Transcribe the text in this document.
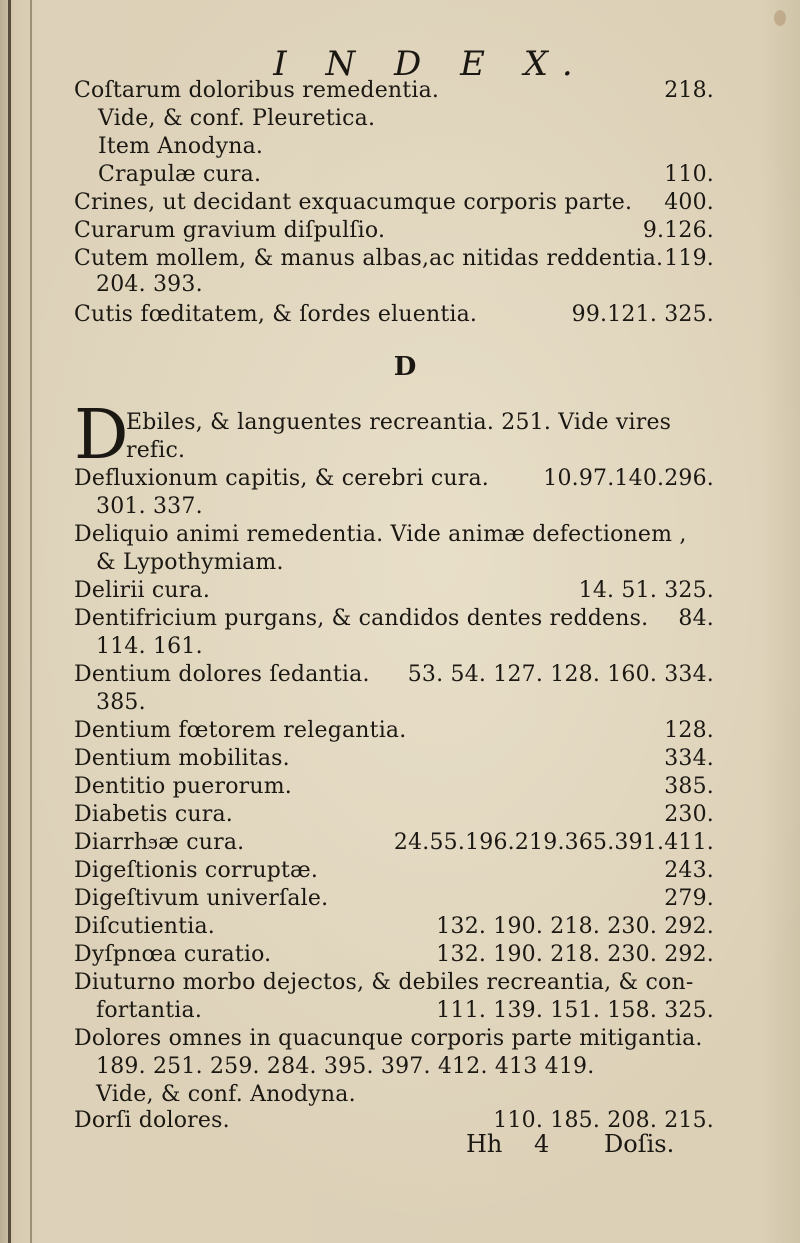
I N D E X.
Coſtarum doloribus remedentia.	218.
Vide, & conf. Pleuretica.
Item Anodyna.
Crapulæ cura.	110.
Crines, ut decidant exquacumque corporis parte. 400.
Curarum gravium diſpulſio.	9.126.
Cutem mollem, & manus albas,ac nitidas reddentia. 119.
204. 393.
Cutis fœditatem, & ſordes eluentia.	99.121. 325.
D
D
Ebiles, & languentes recreantia. 251. Vide vires
refic.
Defluxionum capitis, & cerebri cura. 10.97.140.296.
301. 337.
Deliquio animi remedentia. Vide animæ defectionem ,
& Lypothymiam.
Delirii cura.	14. 51. 325.
Dentifricium purgans, & candidos dentes reddens. 84.
114. 161.
Dentium dolores ſedantia. 53. 54. 127. 128. 160. 334.
385.
Dentium fœtorem relegantia.	128.
Dentium mobilitas.	334.
Dentitio puerorum.	385.
Diabetis cura.	230.
Diarrhϧæ cura.	24.55.196.219.365.391.411.
Digeſtionis corruptæ.	243.
Digeſtivum univerſale.	279.
Diſcutientia.	132. 190. 218. 230. 292.
Dyſpnœa curatio.	132. 190. 218. 230. 292.
Diuturno morbo dejectos, & debiles recreantia, & con-
fortantia.	111. 139. 151. 158. 325.
Dolores omnes in quacunque corporis parte mitigantia.
189. 251. 259. 284. 395. 397. 412. 413 419.
Vide, & conf. Anodyna.
Dorſi dolores.	110. 185. 208. 215.
Hh 4 Doſis.
